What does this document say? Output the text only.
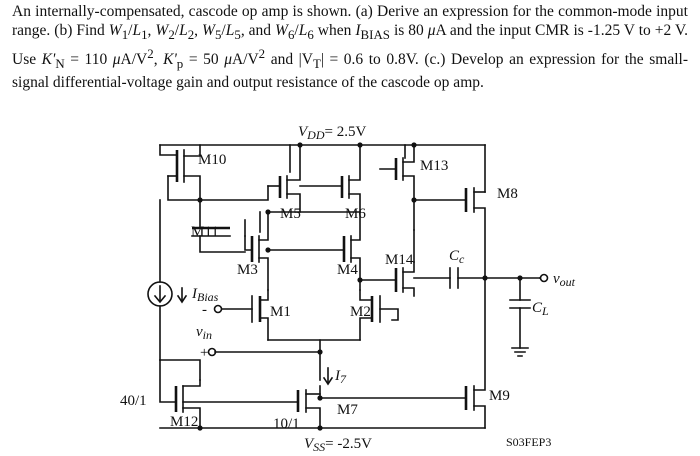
An internally-compensated, cascode op amp is shown. (a) Derive an expression for the common-mode input range. (b) Find $W_1/L_1$, $W_2/L_2$, $W_5/L_5$, and $W_6/L_6$ when $I_{BIAS}$ is 80 μA and the input CMR is -1.25 V to +2 V. Use $K'_N = 110$ $\mu A/V^2$, $K'_p = 50$ $\mu A/V^2$ and $|V_T| = 0.6$ to 0.8V. (c.) Develop an expression for the small-signal differential-voltage gain and output resistance of the cascode op amp.
$V_{DD}= 2.5V$
$V_{SS}= -2.5V$
M10
M11
M5	M6
M3	M4
M14
M13
M8
M1	M2
M7
M9
M12
$C_c$
$C_L$
$v_{out}$
$v_{in}$
-
+
$I_{Bias}$
$I_7$
40/1
10/1
S03FEP3
